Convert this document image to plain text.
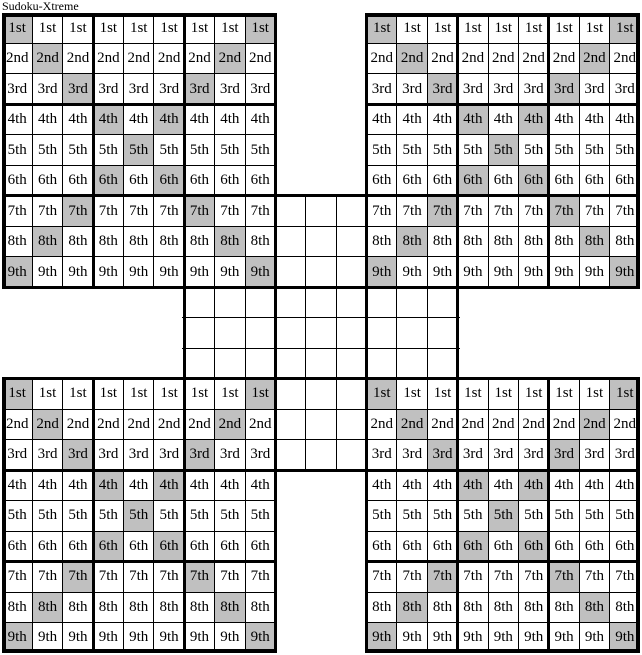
Sudoku-Xtreme
1st 1st 1st 1st 1st 1st 1st 1st 1st
2nd 2nd 2nd 2nd 2nd 2nd 2nd 2nd 2nd
3rd 3rd 3rd 3rd 3rd 3rd 3rd 3rd 3rd
4th 4th 4th 4th 4th 4th 4th 4th 4th
5th 5th 5th 5th 5th 5th 5th 5th 5th
6th 6th 6th 6th 6th 6th 6th 6th 6th
7th 7th 7th 7th 7th 7th 7th 7th 7th
8th 8th 8th 8th 8th 8th 8th 8th 8th
9th 9th 9th 9th 9th 9th 9th 9th 9th
1st 1st 1st 1st 1st 1st 1st 1st 1st
2nd 2nd 2nd 2nd 2nd 2nd 2nd 2nd 2nd
3rd 3rd 3rd 3rd 3rd 3rd 3rd 3rd 3rd
4th 4th 4th 4th 4th 4th 4th 4th 4th
5th 5th 5th 5th 5th 5th 5th 5th 5th
6th 6th 6th 6th 6th 6th 6th 6th 6th
7th 7th 7th 7th 7th 7th 7th 7th 7th
8th 8th 8th 8th 8th 8th 8th 8th 8th
9th 9th 9th 9th 9th 9th 9th 9th 9th
1st 1st 1st 1st 1st 1st 1st 1st 1st
2nd 2nd 2nd 2nd 2nd 2nd 2nd 2nd 2nd
3rd 3rd 3rd 3rd 3rd 3rd 3rd 3rd 3rd
4th 4th 4th 4th 4th 4th 4th 4th 4th
5th 5th 5th 5th 5th 5th 5th 5th 5th
6th 6th 6th 6th 6th 6th 6th 6th 6th
7th 7th 7th 7th 7th 7th 7th 7th 7th
8th 8th 8th 8th 8th 8th 8th 8th 8th
9th 9th 9th 9th 9th 9th 9th 9th 9th
1st 1st 1st 1st 1st 1st 1st 1st 1st
2nd 2nd 2nd 2nd 2nd 2nd 2nd 2nd 2nd
3rd 3rd 3rd 3rd 3rd 3rd 3rd 3rd 3rd
4th 4th 4th 4th 4th 4th 4th 4th 4th
5th 5th 5th 5th 5th 5th 5th 5th 5th
6th 6th 6th 6th 6th 6th 6th 6th 6th
7th 7th 7th 7th 7th 7th 7th 7th 7th
8th 8th 8th 8th 8th 8th 8th 8th 8th
9th 9th 9th 9th 9th 9th 9th 9th 9th
